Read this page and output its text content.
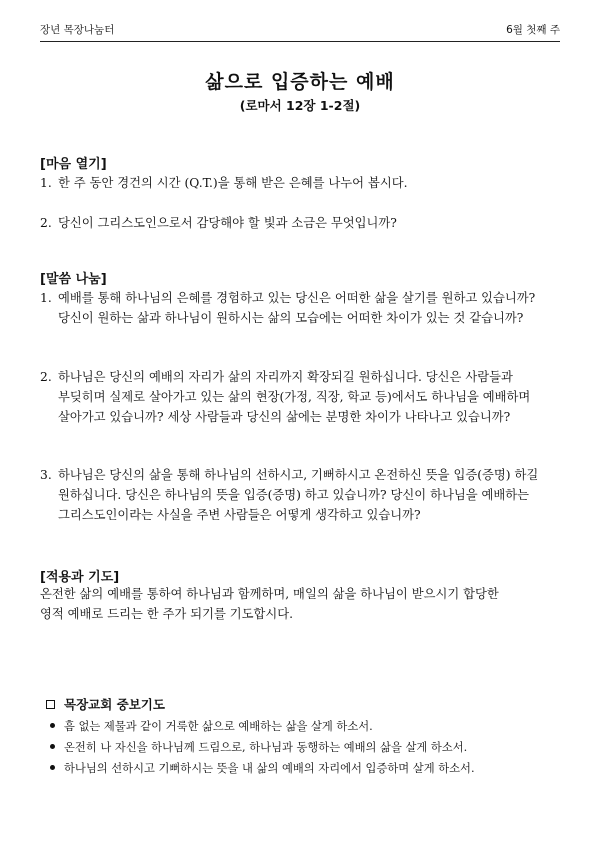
장년 목장나눔터	6월 첫째 주
삶으로 입증하는 예배
(로마서 12장 1-2절)
[마음 열기]
1. 한 주 동안 경건의 시간 (Q.T.)을 통해 받은 은혜를 나누어 봅시다.
2. 당신이 그리스도인으로서 감당해야 할 빛과 소금은 무엇입니까?
[말씀 나눔]
1. 예배를 통해 하나님의 은혜를 경험하고 있는 당신은 어떠한 삶을 살기를 원하고 있습니까?
당신이 원하는 삶과 하나님이 원하시는 삶의 모습에는 어떠한 차이가 있는 것 같습니까?
2. 하나님은 당신의 예배의 자리가 삶의 자리까지 확장되길 원하십니다. 당신은 사람들과
부딪히며 실제로 살아가고 있는 삶의 현장(가정, 직장, 학교 등)에서도 하나님을 예배하며
살아가고 있습니까? 세상 사람들과 당신의 삶에는 분명한 차이가 나타나고 있습니까?
3. 하나님은 당신의 삶을 통해 하나님의 선하시고, 기뻐하시고 온전하신 뜻을 입증(증명) 하길
원하십니다. 당신은 하나님의 뜻을 입증(증명) 하고 있습니까? 당신이 하나님을 예배하는
그리스도인이라는 사실을 주변 사람들은 어떻게 생각하고 있습니까?
[적용과 기도]
온전한 삶의 예배를 통하여 하나님과 함께하며, 매일의 삶을 하나님이 받으시기 합당한
영적 예배로 드리는 한 주가 되기를 기도합시다.
목장교회 중보기도
흠 없는 제물과 같이 거룩한 삶으로 예배하는 삶을 살게 하소서.
온전히 나 자신을 하나님께 드림으로, 하나님과 동행하는 예배의 삶을 살게 하소서.
하나님의 선하시고 기뻐하시는 뜻을 내 삶의 예배의 자리에서 입증하며 살게 하소서.
